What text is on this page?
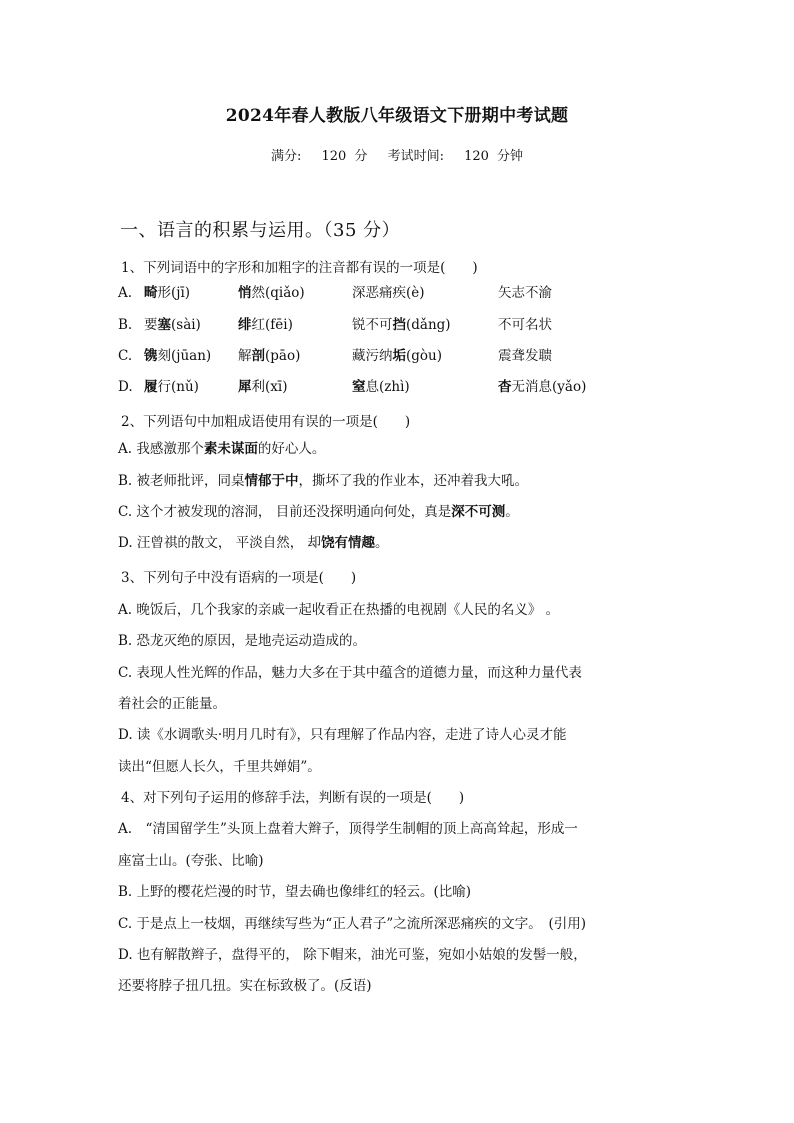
2024年春人教版八年级语文下册期中考试题
满分: 120 分 考试时间: 120 分钟
一、语言的积累与运用。（35 分）
1、下列词语中的字形和加粗字的注音都有误的一项是(　　)
A. 畸形(jī)	悄然(qiǎo)	深恶痛疾(è)	矢志不渝
B. 要塞(sài)	绯红(fēi)	锐不可挡(dǎng)	不可名状
C. 镌刻(jūan) 解剖(pāo)	藏污纳垢(gòu)	震聋发聩
D. 履行(nǔ)	犀利(xī)	窒息(zhì)	杳无消息(yǎo)
2、下列语句中加粗成语使用有误的一项是(　　)
A. 我感激那个素未谋面的好心人。
B. 被老师批评，同桌情郁于中，撕坏了我的作业本，还冲着我大吼。
C. 这个才被发现的溶洞， 目前还没探明通向何处，真是深不可测。
D. 汪曾祺的散文， 平淡自然， 却饶有情趣。
3、下列句子中没有语病的一项是(　　)
A. 晚饭后，几个我家的亲戚一起收看正在热播的电视剧《人民的名义》 。
B. 恐龙灭绝的原因，是地壳运动造成的。
C. 表现人性光辉的作品，魅力大多在于其中蕴含的道德力量，而这种力量代表
着社会的正能量。
D. 读《水调歌头·明月几时有》，只有理解了作品内容，走进了诗人心灵才能
读出“但愿人长久，千里共婵娟”。
4、对下列句子运用的修辞手法，判断有误的一项是(　　)
A.　“清国留学生”头顶上盘着大辫子，顶得学生制帽的顶上高高耸起，形成一
座富士山。(夸张、比喻)
B. 上野的樱花烂漫的时节，望去确也像绯红的轻云。(比喻)
C. 于是点上一枝烟，再继续写些为“正人君子”之流所深恶痛疾的文字。　(引用)
D. 也有解散辫子，盘得平的， 除下帽来，油光可鉴，宛如小姑娘的发髻一般，
还要将脖子扭几扭。实在标致极了。(反语)
